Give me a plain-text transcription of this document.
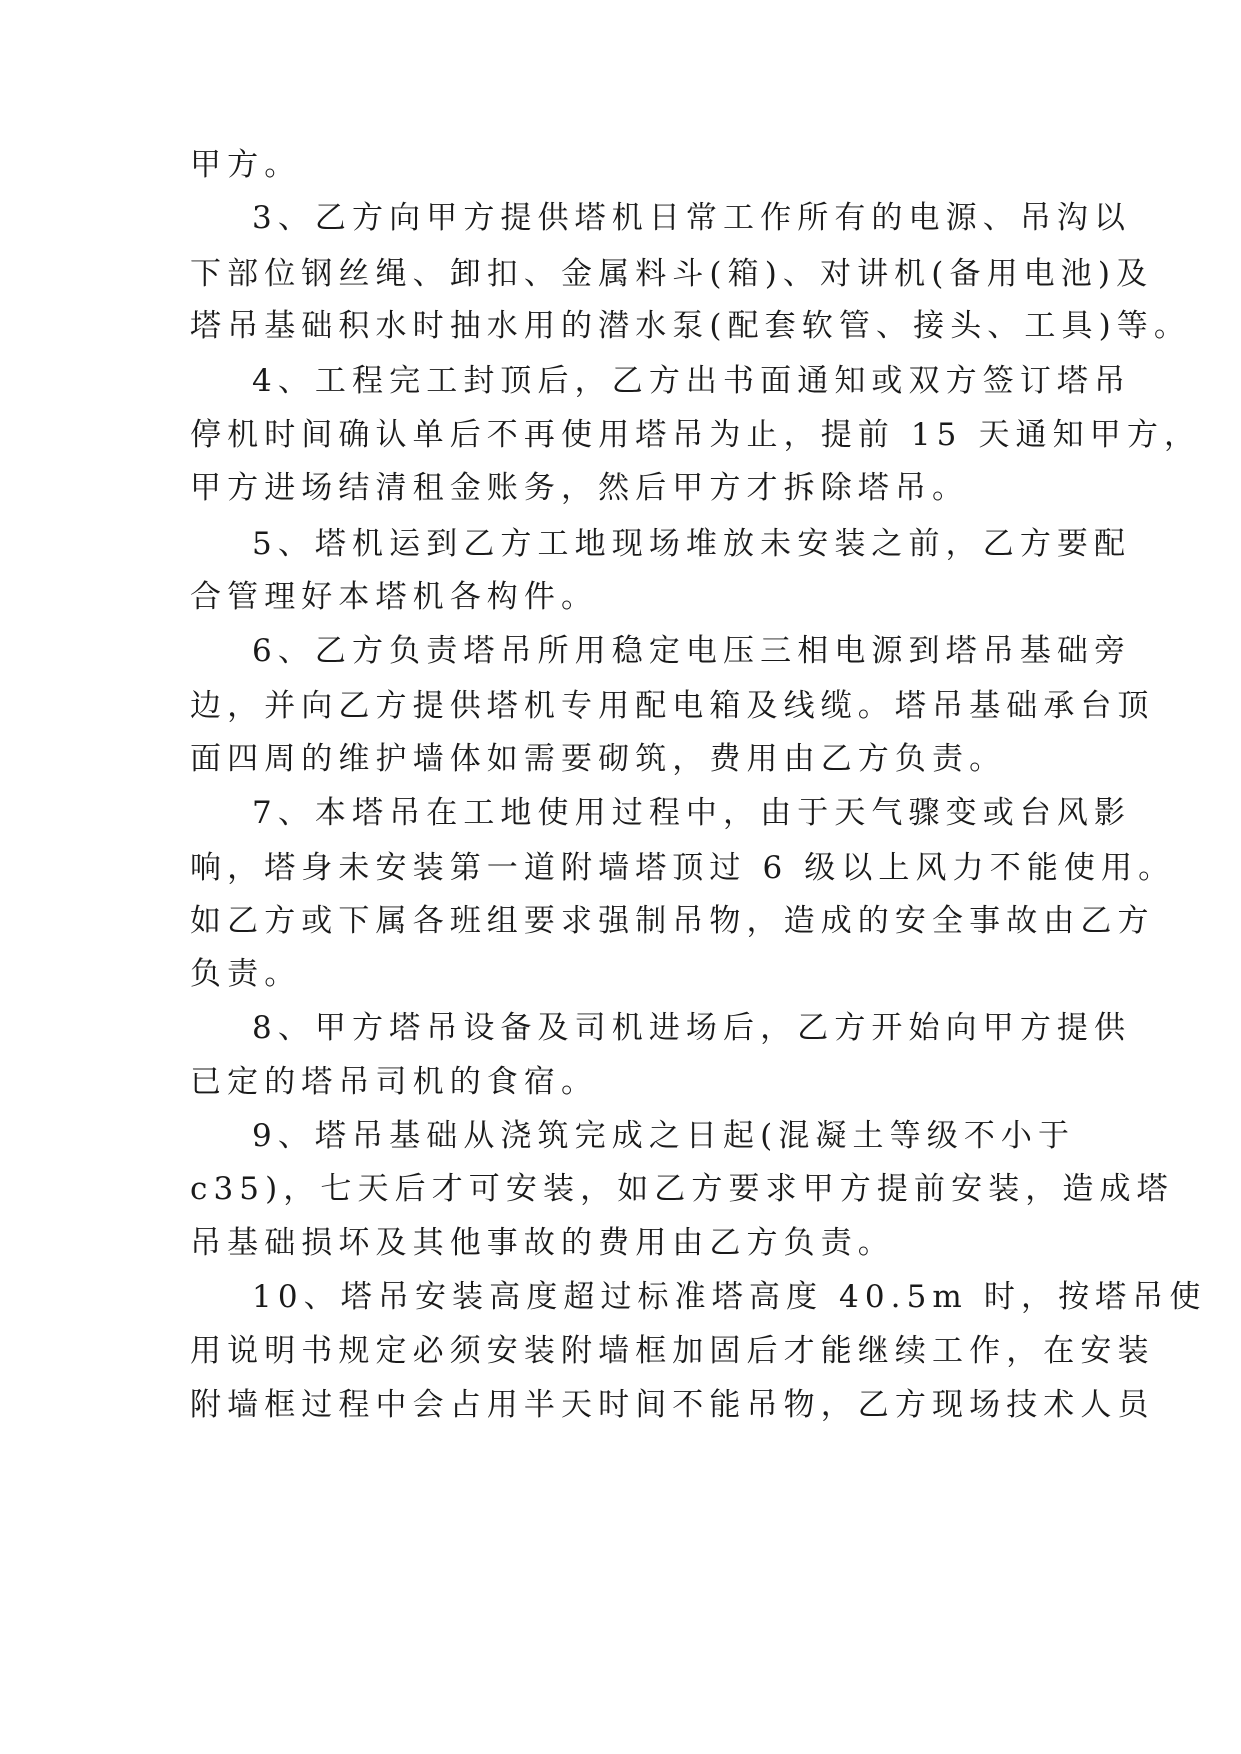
甲方。
3、乙方向甲方提供塔机日常工作所有的电源、吊沟以
下部位钢丝绳、卸扣、金属料斗(箱)、对讲机(备用电池)及
塔吊基础积水时抽水用的潜水泵(配套软管、接头、工具)等。
4、工程完工封顶后，乙方出书面通知或双方签订塔吊
停机时间确认单后不再使用塔吊为止，提前 15 天通知甲方，
甲方进场结清租金账务，然后甲方才拆除塔吊。
5、塔机运到乙方工地现场堆放未安装之前，乙方要配
合管理好本塔机各构件。
6、乙方负责塔吊所用稳定电压三相电源到塔吊基础旁
边，并向乙方提供塔机专用配电箱及线缆。塔吊基础承台顶
面四周的维护墙体如需要砌筑，费用由乙方负责。
7、本塔吊在工地使用过程中，由于天气骤变或台风影
响，塔身未安装第一道附墙塔顶过 6 级以上风力不能使用。
如乙方或下属各班组要求强制吊物，造成的安全事故由乙方
负责。
8、甲方塔吊设备及司机进场后，乙方开始向甲方提供
已定的塔吊司机的食宿。
9、塔吊基础从浇筑完成之日起(混凝土等级不小于
c35)，七天后才可安装，如乙方要求甲方提前安装，造成塔
吊基础损坏及其他事故的费用由乙方负责。
10、塔吊安装高度超过标准塔高度 40.5m 时，按塔吊使
用说明书规定必须安装附墙框加固后才能继续工作，在安装
附墙框过程中会占用半天时间不能吊物，乙方现场技术人员
